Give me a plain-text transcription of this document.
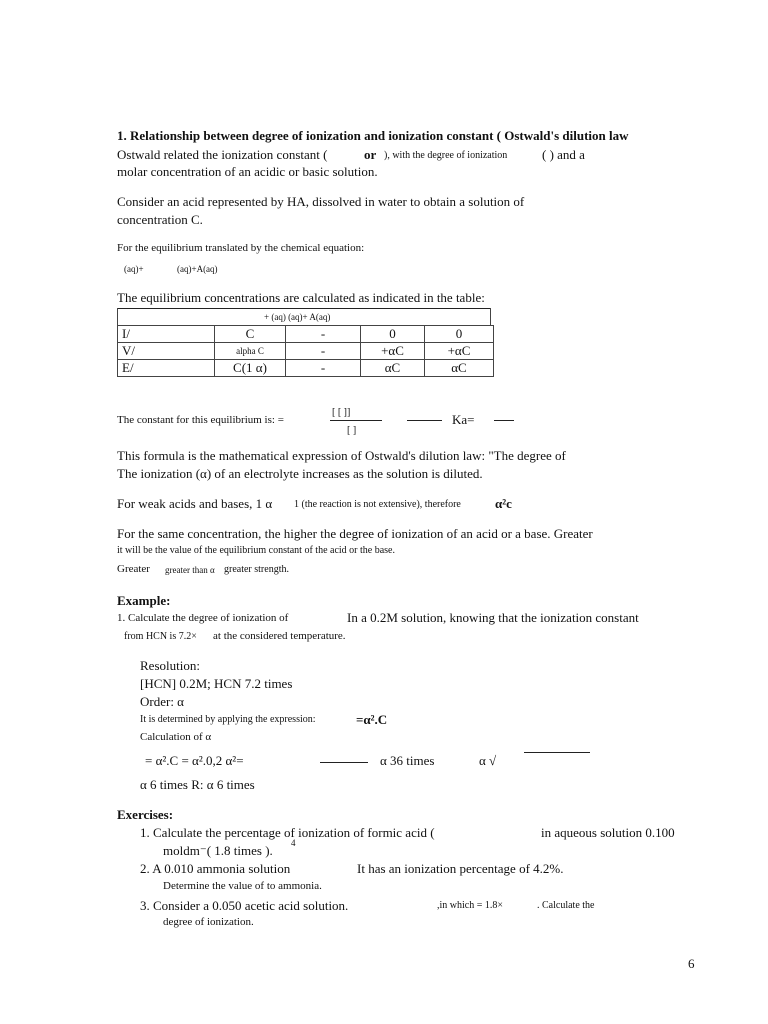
1. Relationship between degree of ionization and ionization constant ( Ostwald's dilution law
Ostwald related the ionization constant (	or ), with the degree of ionization	( ) and a
molar concentration of an acidic or basic solution.
Consider an acid represented by HA, dissolved in water to obtain a solution of
concentration C.
For the equilibrium translated by the chemical equation:
(aq)+	(aq)+A(aq)
The equilibrium concentrations are calculated as indicated in the table:
+ (aq) (aq)+ A(aq)
I/	C	-	0	0
V/	alpha C	-	+αC	+αC
E/	C(1 α)	-	αC	αC
The constant for this equilibrium is: =
[ [ ]]
[ ]
Ka=
This formula is the mathematical expression of Ostwald's dilution law: "The degree of
The ionization (α) of an electrolyte increases as the solution is diluted.
For weak acids and bases, 1 α 1 (the reaction is not extensive), therefore	α²c
For the same concentration, the higher the degree of ionization of an acid or a base. Greater
it will be the value of the equilibrium constant of the acid or the base.
Greater greater than α greater strength.
Example:
1. Calculate the degree of ionization of	In a 0.2M solution, knowing that the ionization constant
from HCN is 7.2× at the considered temperature.
Resolution:
[HCN] 0.2M; HCN 7.2 times
Order: α
It is determined by applying the expression:	=α².C
Calculation of α
= α².C = α².0,2 α²=	α 36 times	α √
α 6 times R: α 6 times
Exercises:
1. Calculate the percentage of ionization of formic acid (	in aqueous solution 0.100
moldm⁻( 1.8 times ). 4
2. A 0.010 ammonia solution	It has an ionization percentage of 4.2%.
Determine the value of to ammonia.
3. Consider a 0.050 acetic acid solution.	,in which = 1.8×	. Calculate the
degree of ionization.
6
